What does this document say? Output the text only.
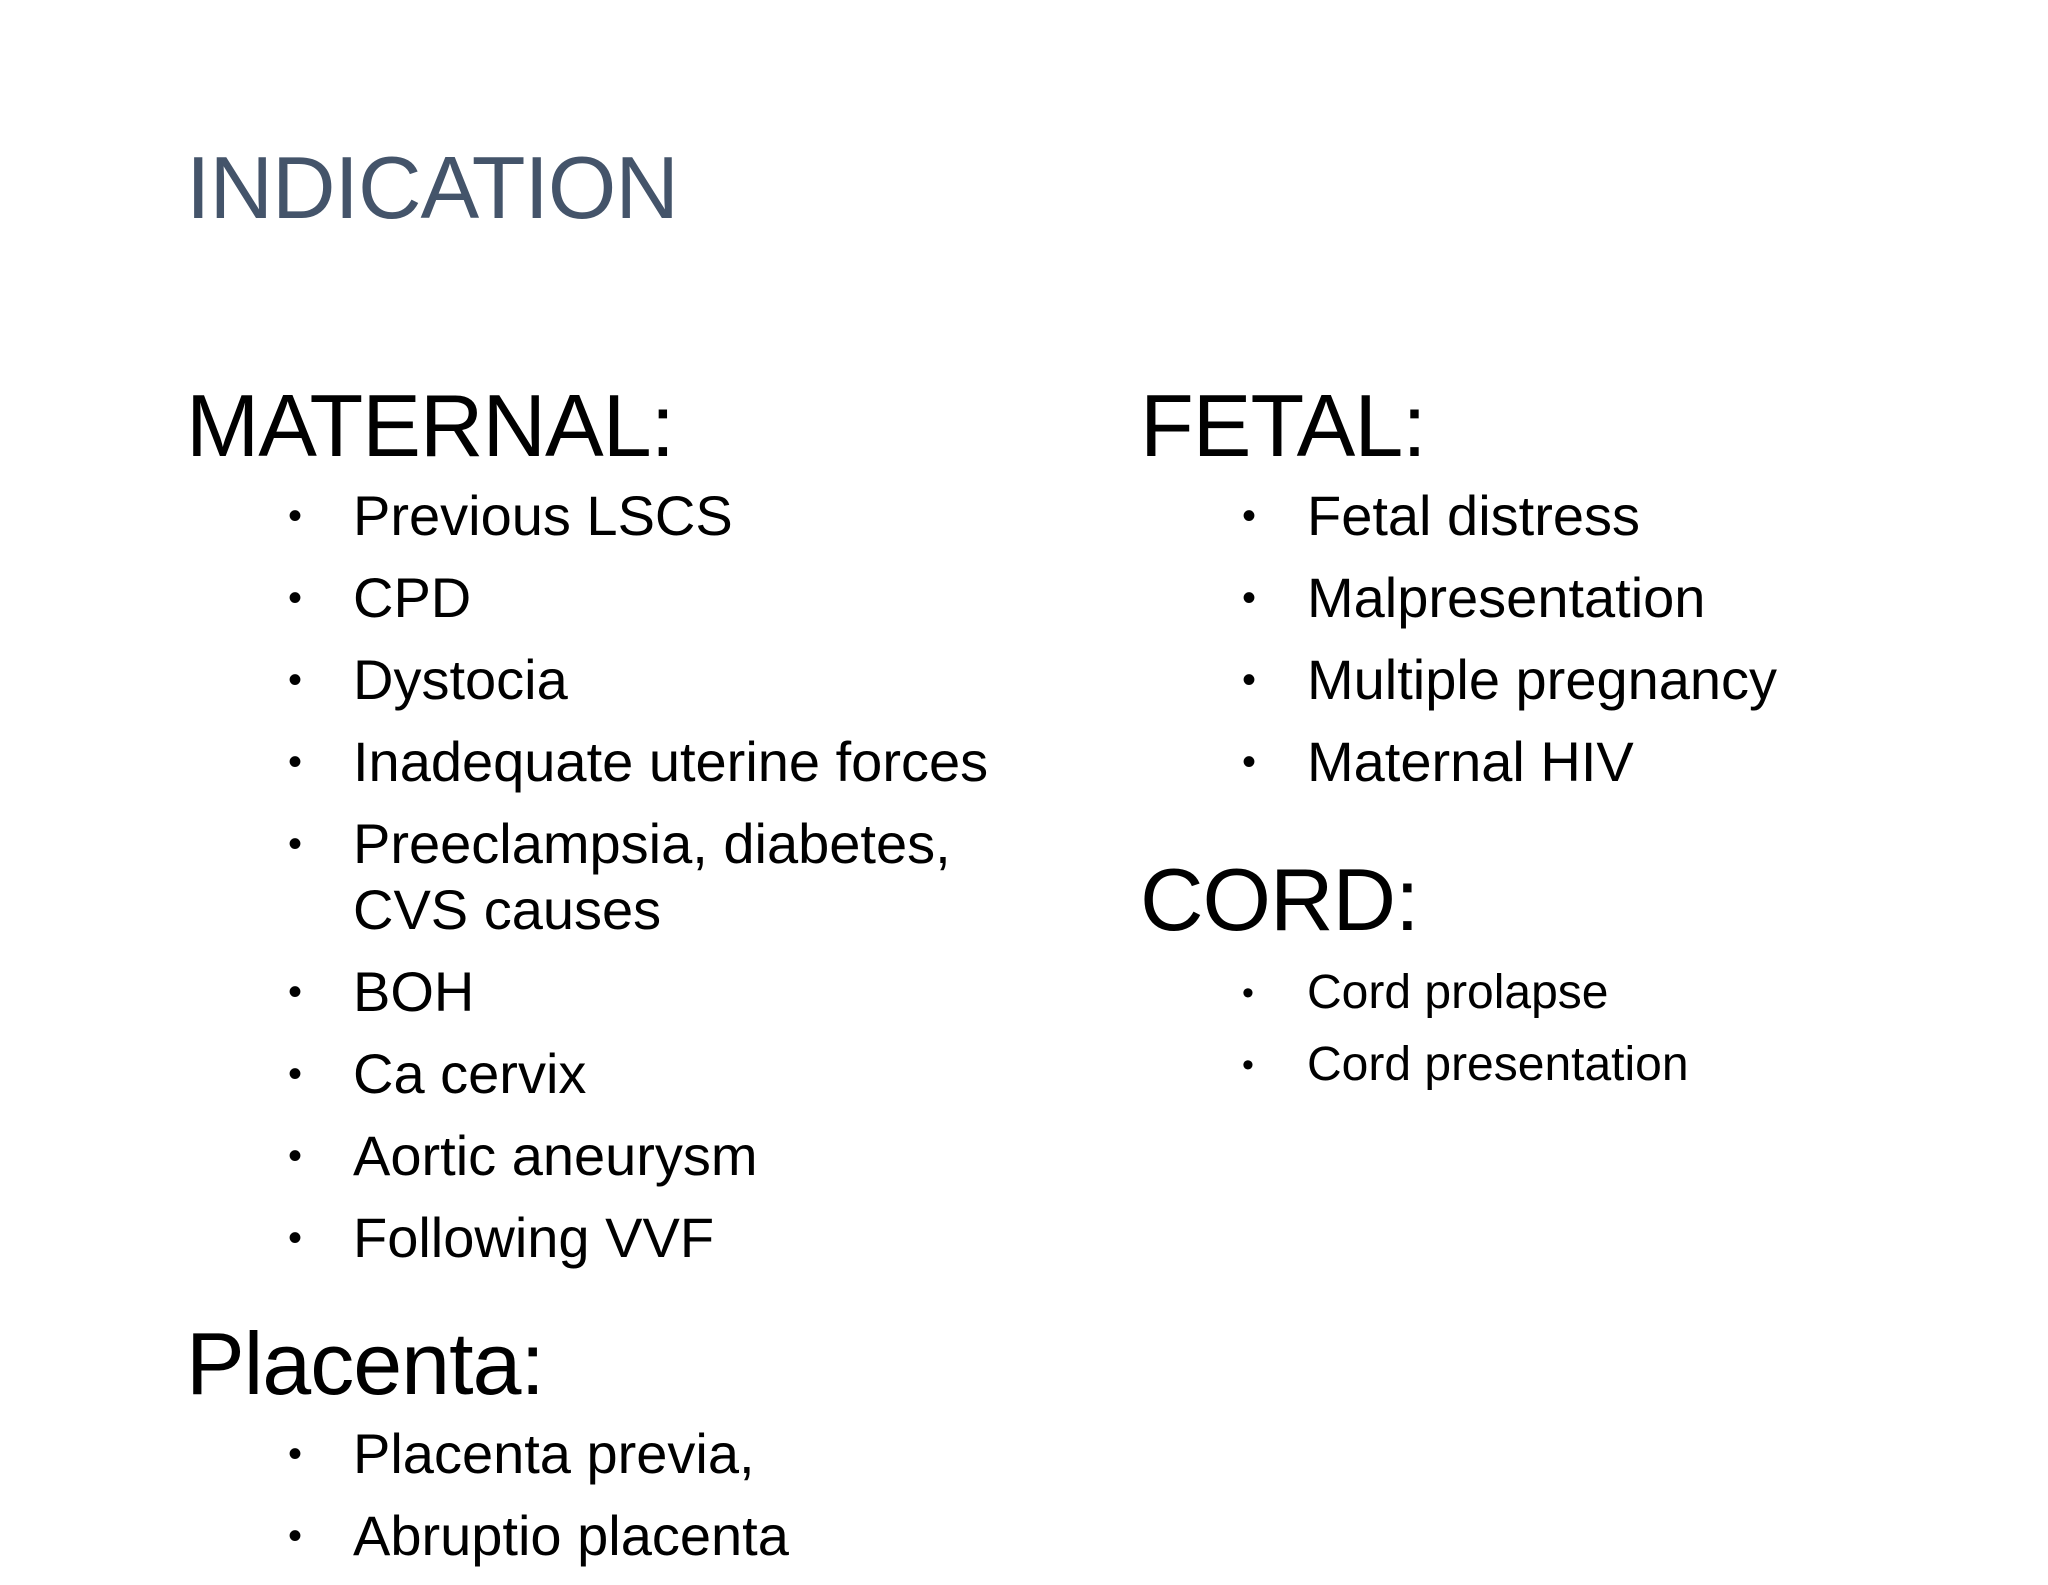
INDICATION
MATERNAL:
• Previous LSCS
• CPD
• Dystocia
• Inadequate uterine forces
• Preeclampsia, diabetes,
CVS causes
• BOH
• Ca cervix
• Aortic aneurysm
• Following VVF
FETAL:
• Fetal distress
• Malpresentation
• Multiple pregnancy
• Maternal HIV
CORD:
• Cord prolapse
• Cord presentation
Placenta:
• Placenta previa,
• Abruptio placenta
